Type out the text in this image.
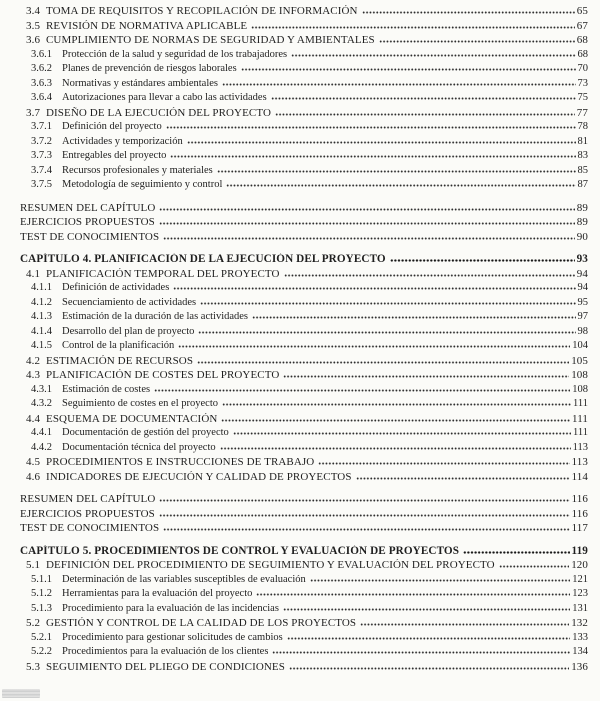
3.4 TOMA DE REQUISITOS Y RECOPILACIÓN DE INFORMACIÓN	65
3.5 REVISIÓN DE NORMATIVA APLICABLE	67
3.6 CUMPLIMIENTO DE NORMAS DE SEGURIDAD Y AMBIENTALES	68
3.6.1 Protección de la salud y seguridad de los trabajadores	68
3.6.2 Planes de prevención de riesgos laborales	70
3.6.3 Normativas y estándares ambientales	73
3.6.4 Autorizaciones para llevar a cabo las actividades	75
3.7 DISEÑO DE LA EJECUCIÓN DEL PROYECTO	77
3.7.1 Definición del proyecto	78
3.7.2 Actividades y temporización	81
3.7.3 Entregables del proyecto	83
3.7.4 Recursos profesionales y materiales	85
3.7.5 Metodología de seguimiento y control	87
RESUMEN DEL CAPÍTULO	89
EJERCICIOS PROPUESTOS	89
TEST DE CONOCIMIENTOS	90
CAPÍTULO 4. PLANIFICACIÓN DE LA EJECUCIÓN DEL PROYECTO	93
4.1 PLANIFICACIÓN TEMPORAL DEL PROYECTO	94
4.1.1 Definición de actividades	94
4.1.2 Secuenciamiento de actividades	95
4.1.3 Estimación de la duración de las actividades	97
4.1.4 Desarrollo del plan de proyecto	98
4.1.5 Control de la planificación	104
4.2 ESTIMACIÓN DE RECURSOS	105
4.3 PLANIFICACIÓN DE COSTES DEL PROYECTO	108
4.3.1 Estimación de costes	108
4.3.2 Seguimiento de costes en el proyecto	111
4.4 ESQUEMA DE DOCUMENTACIÓN	111
4.4.1 Documentación de gestión del proyecto	111
4.4.2 Documentación técnica del proyecto	113
4.5 PROCEDIMIENTOS E INSTRUCCIONES DE TRABAJO	113
4.6 INDICADORES DE EJECUCIÓN Y CALIDAD DE PROYECTOS	114
RESUMEN DEL CAPÍTULO	116
EJERCICIOS PROPUESTOS	116
TEST DE CONOCIMIENTOS	117
CAPÍTULO 5. PROCEDIMIENTOS DE CONTROL Y EVALUACIÓN DE PROYECTOS	119
5.1 DEFINICIÓN DEL PROCEDIMIENTO DE SEGUIMIENTO Y EVALUACIÓN DEL PROYECTO	120
5.1.1 Determinación de las variables susceptibles de evaluación	121
5.1.2 Herramientas para la evaluación del proyecto	123
5.1.3 Procedimiento para la evaluación de las incidencias	131
5.2 GESTIÓN Y CONTROL DE LA CALIDAD DE LOS PROYECTOS	132
5.2.1 Procedimiento para gestionar solicitudes de cambios	133
5.2.2 Procedimientos para la evaluación de los clientes	134
5.3 SEGUIMIENTO DEL PLIEGO DE CONDICIONES	136
